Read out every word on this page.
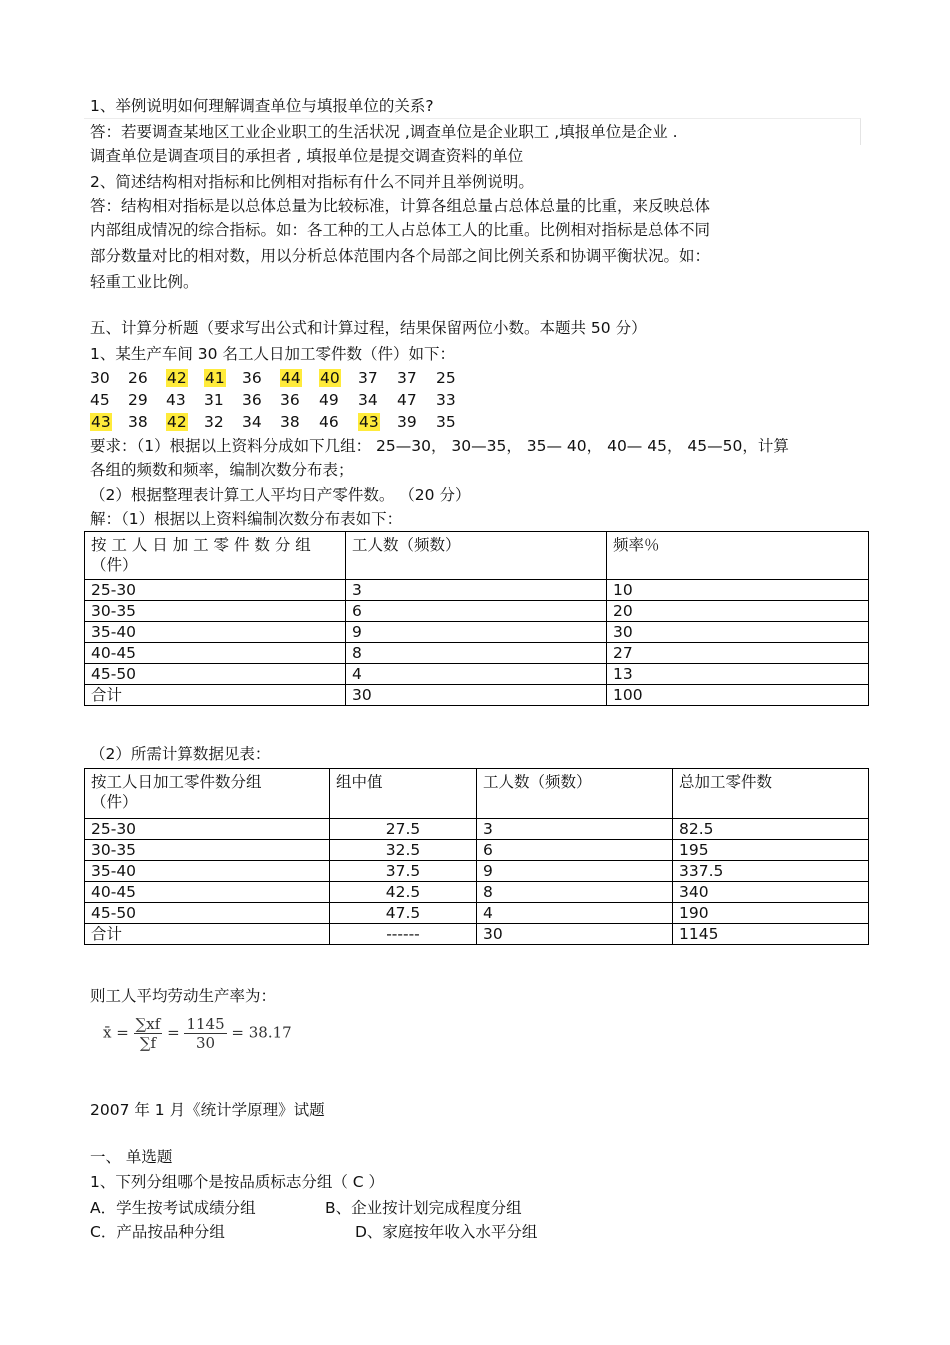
1、举例说明如何理解调查单位与填报单位的关系?
答：若要调查某地区工业企业职工的生活状况 ,调查单位是企业职工 ,填报单位是企业 .
调查单位是调查项目的承担者 , 填报单位是提交调查资料的单位
2、简述结构相对指标和比例相对指标有什么不同并且举例说明。
答：结构相对指标是以总体总量为比较标准，计算各组总量占总体总量的比重，来反映总体
内部组成情况的综合指标。如：各工种的工人占总体工人的比重。比例相对指标是总体不同
部分数量对比的相对数，用以分析总体范围内各个局部之间比例关系和协调平衡状况。如：
轻重工业比例。
五、计算分析题（要求写出公式和计算过程，结果保留两位小数。本题共 50 分）
1、某生产车间 30 名工人日加工零件数（件）如下：
30	26	42	41	36	44	40	37	37	25
45	29	43	31	36	36	49	34	47	33
43	38	42	32	34	38	46	43	39	35
要求：（1）根据以上资料分成如下几组： 25—30， 30—35， 35— 40， 40— 45， 45—50，计算
各组的频数和频率，编制次数分布表；
（2）根据整理表计算工人平均日产零件数。 （20 分）
解：（1）根据以上资料编制次数分布表如下：
按 工 人 日 加 工 零 件 数 分 组
（件）	工人数（频数）	频率％
25-30	3	10
30-35	6	20
35-40	9	30
40-45	8	27
45-50	4	13
合计	30	100
（2）所需计算数据见表：
按工人日加工零件数分组
（件）	组中值	工人数（频数）	总加工零件数
25-30	27.5	3	82.5
30-35	32.5	6	195
35-40	37.5	9	337.5
40-45	42.5	8	340
45-50	47.5	4	190
合计	------	30	1145
则工人平均劳动生产率为：
x̄ = $\frac{\sum xf}{\sum f} = \frac{1145}{30} = 38.17$
2007 年 1 月《统计学原理》试题
一、 单选题
1、下列分组哪个是按品质标志分组（ C ）
A．学生按考试成绩分组	B、企业按计划完成程度分组
C．产品按品种分组	D、家庭按年收入水平分组
